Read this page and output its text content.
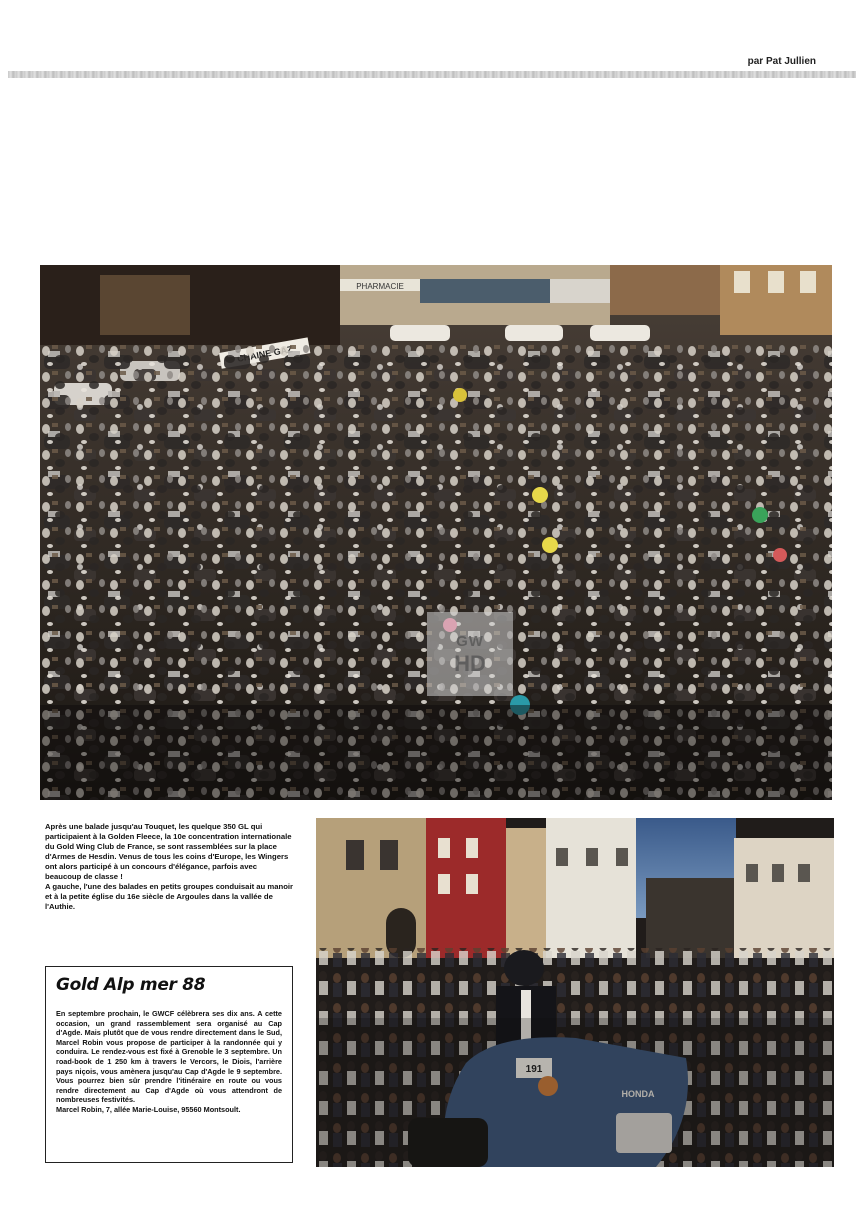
par Pat Jullien
PHARMACIE
GW
HD

Après une balade jusqu'au Touquet, les quelque 350 GL qui participaient à la Golden Fleece, la 10e concentration internationale du Gold Wing Club de France, se sont rassemblées sur la place d'Armes de Hesdin. Venus de tous les coins d'Europe, les Wingers ont alors participé à un concours d'élégance, parfois avec beaucoup de classe !

A gauche, l'une des balades en petits groupes conduisait au manoir et à la petite église du 16e siècle de Argoules dans la vallée de l'Authie.

Gold Alp mer 88

En septembre prochain, le GWCF célèbrera ses dix ans. A cette occasion, un grand rassemblement sera organisé au Cap d'Agde. Mais plutôt que de vous rendre directement dans le Sud, Marcel Robin vous propose de participer à la randonnée qui y conduira. Le rendez-vous est fixé à Grenoble le 3 septembre. Un road-book de 1 250 km à travers le Vercors, le Diois, l'arrière pays niçois, vous amènera jusqu'au Cap d'Agde le 9 septembre. Vous pourrez bien sûr prendre l'itinéraire en route ou vous rendre directement au Cap d'Agde où vous attendront de nombreuses festivités.

Marcel Robin, 7, allée Marie-Louise, 95560 Montsoult.

191
HONDA
